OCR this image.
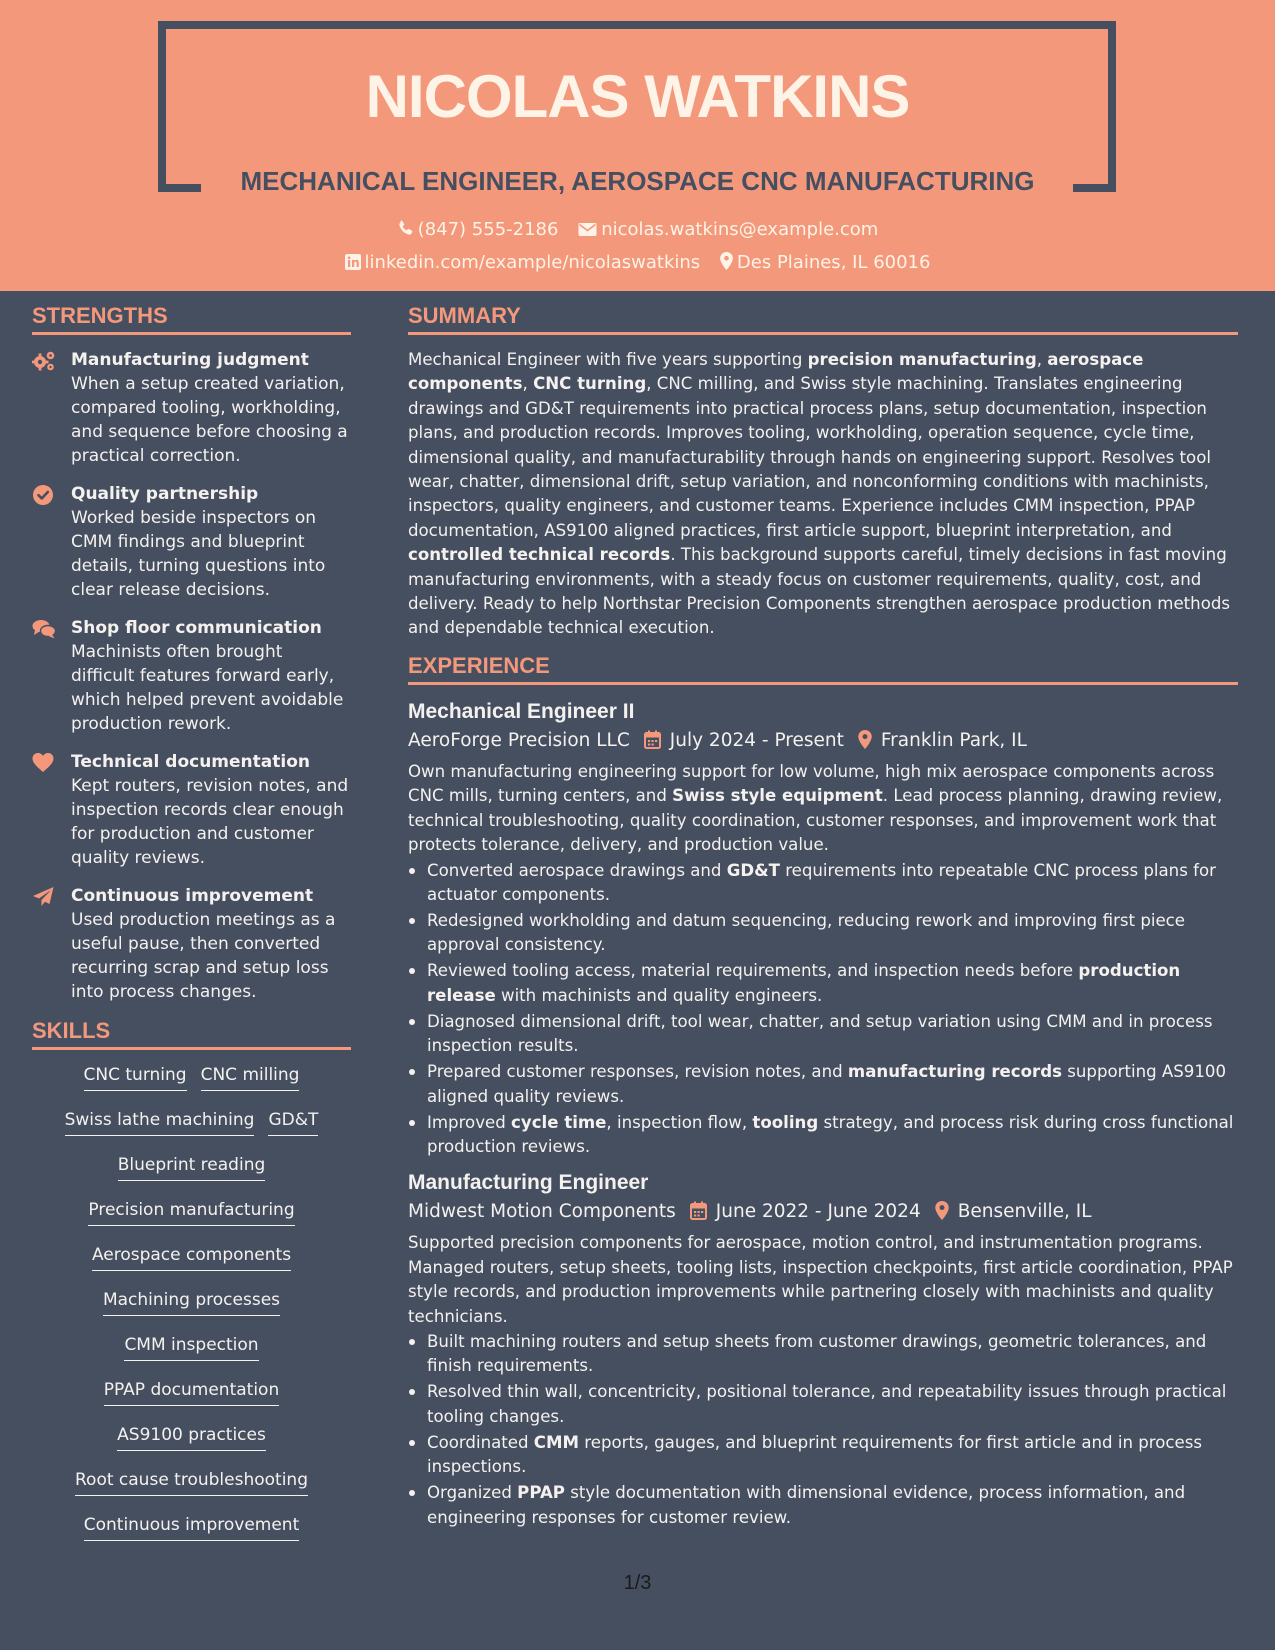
NICOLAS WATKINS
MECHANICAL ENGINEER, AEROSPACE CNC MANUFACTURING
(847) 555-2186 nicolas.watkins@example.com
linkedin.com/example/nicolaswatkins Des Plaines, IL 60016
STRENGTHS
Manufacturing judgment
When a setup created variation, compared tooling, workholding, and sequence before choosing a practical correction.
Quality partnership
Worked beside inspectors on CMM findings and blueprint details, turning questions into clear release decisions.
Shop floor communication
Machinists often brought difficult features forward early, which helped prevent avoidable production rework.
Technical documentation
Kept routers, revision notes, and inspection records clear enough for production and customer quality reviews.
Continuous improvement
Used production meetings as a useful pause, then converted recurring scrap and setup loss into process changes.
SKILLS
CNC turning CNC milling
Swiss lathe machining GD&T
Blueprint reading
Precision manufacturing
Aerospace components
Machining processes
CMM inspection
PPAP documentation
AS9100 practices
Root cause troubleshooting
Continuous improvement
SUMMARY
Mechanical Engineer with five years supporting precision manufacturing, aerospace components, CNC turning, CNC milling, and Swiss style machining. Translates engineering drawings and GD&T requirements into practical process plans, setup documentation, inspection plans, and production records. Improves tooling, workholding, operation sequence, cycle time, dimensional quality, and manufacturability through hands on engineering support. Resolves tool wear, chatter, dimensional drift, setup variation, and nonconforming conditions with machinists, inspectors, quality engineers, and customer teams. Experience includes CMM inspection, PPAP documentation, AS9100 aligned practices, first article support, blueprint interpretation, and controlled technical records. This background supports careful, timely decisions in fast moving manufacturing environments, with a steady focus on customer requirements, quality, cost, and delivery. Ready to help Northstar Precision Components strengthen aerospace production methods and dependable technical execution.
EXPERIENCE
Mechanical Engineer II
AeroForge Precision LLC July 2024 - Present Franklin Park, IL
Own manufacturing engineering support for low volume, high mix aerospace components across CNC mills, turning centers, and Swiss style equipment. Lead process planning, drawing review, technical troubleshooting, quality coordination, customer responses, and improvement work that protects tolerance, delivery, and production value.
Converted aerospace drawings and GD&T requirements into repeatable CNC process plans for actuator components.
Redesigned workholding and datum sequencing, reducing rework and improving first piece approval consistency.
Reviewed tooling access, material requirements, and inspection needs before production release with machinists and quality engineers.
Diagnosed dimensional drift, tool wear, chatter, and setup variation using CMM and in process inspection results.
Prepared customer responses, revision notes, and manufacturing records supporting AS9100 aligned quality reviews.
Improved cycle time, inspection flow, tooling strategy, and process risk during cross functional production reviews.
Manufacturing Engineer
Midwest Motion Components June 2022 - June 2024 Bensenville, IL
Supported precision components for aerospace, motion control, and instrumentation programs. Managed routers, setup sheets, tooling lists, inspection checkpoints, first article coordination, PPAP style records, and production improvements while partnering closely with machinists and quality technicians.
Built machining routers and setup sheets from customer drawings, geometric tolerances, and finish requirements.
Resolved thin wall, concentricity, positional tolerance, and repeatability issues through practical tooling changes.
Coordinated CMM reports, gauges, and blueprint requirements for first article and in process inspections.
Organized PPAP style documentation with dimensional evidence, process information, and engineering responses for customer review.
1/3
